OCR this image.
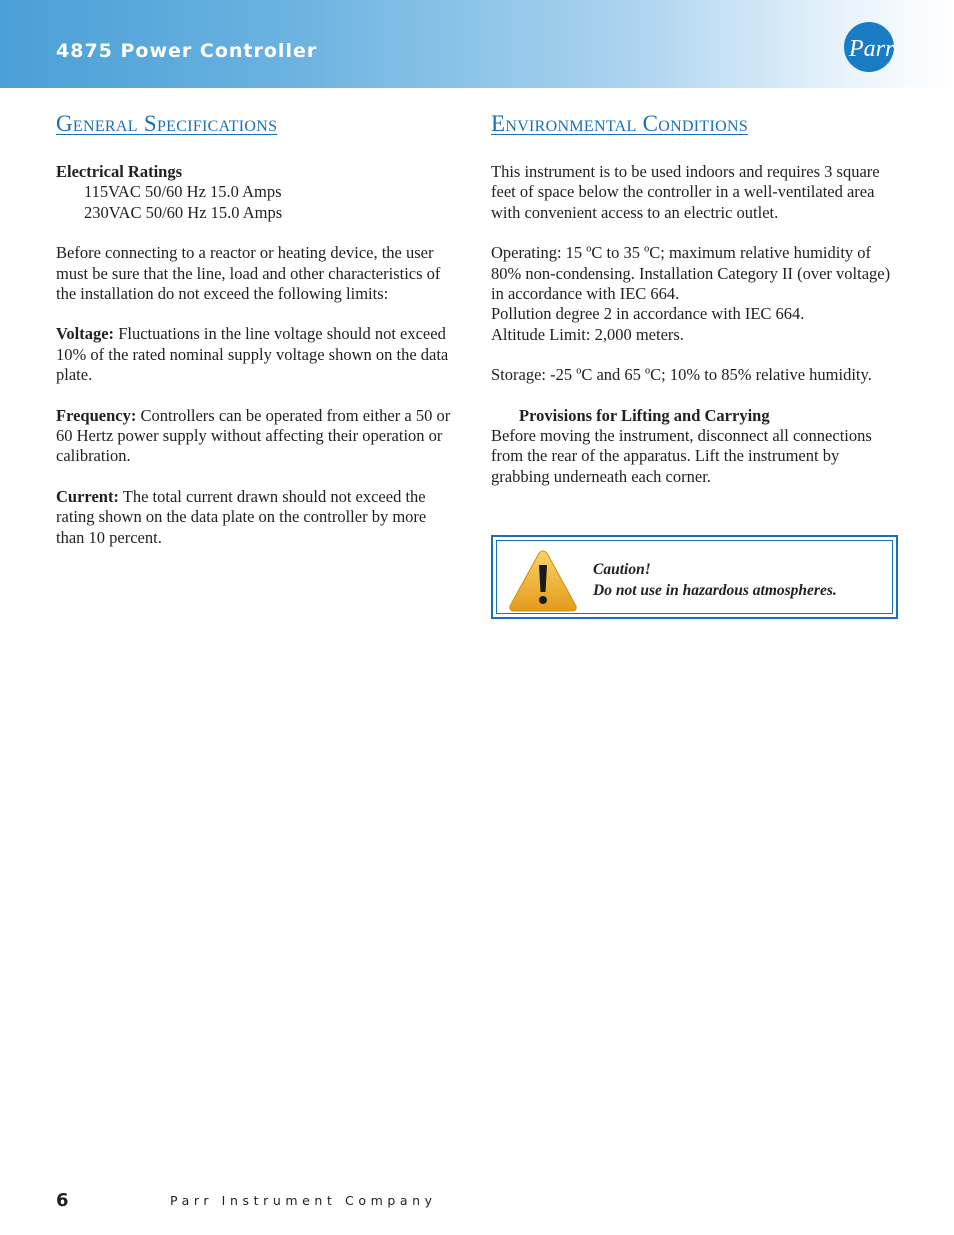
4875 Power Controller	Parr
General Specifications

Electrical Ratings
115VAC 50/60 Hz 15.0 Amps
230VAC 50/60 Hz 15.0 Amps

Before connecting to a reactor or heating device, the user must be sure that the line, load and other characteristics of the installation do not exceed the following limits:

Voltage: Fluctuations in the line voltage should not exceed 10% of the rated nominal supply voltage shown on the data plate.

Frequency: Controllers can be operated from either a 50 or 60 Hertz power supply without affecting their operation or calibration.

Current: The total current drawn should not exceed the rating shown on the data plate on the controller by more than 10 percent.

Environmental Conditions

This instrument is to be used indoors and requires 3 square feet of space below the controller in a well-ventilated area with convenient access to an electric outlet.

Operating: 15 ºC to 35 ºC; maximum relative humidity of 80% non-condensing. Installation Category II (over voltage) in accordance with IEC 664.
Pollution degree 2 in accordance with IEC 664.
Altitude Limit: 2,000 meters.

Storage: -25 ºC and 65 ºC; 10% to 85% relative humidity.

Provisions for Lifting and Carrying
Before moving the instrument, disconnect all connections from the rear of the apparatus. Lift the instrument by grabbing underneath each corner.

Caution!
Do not use in hazardous atmospheres.
6	Parr Instrument Company
